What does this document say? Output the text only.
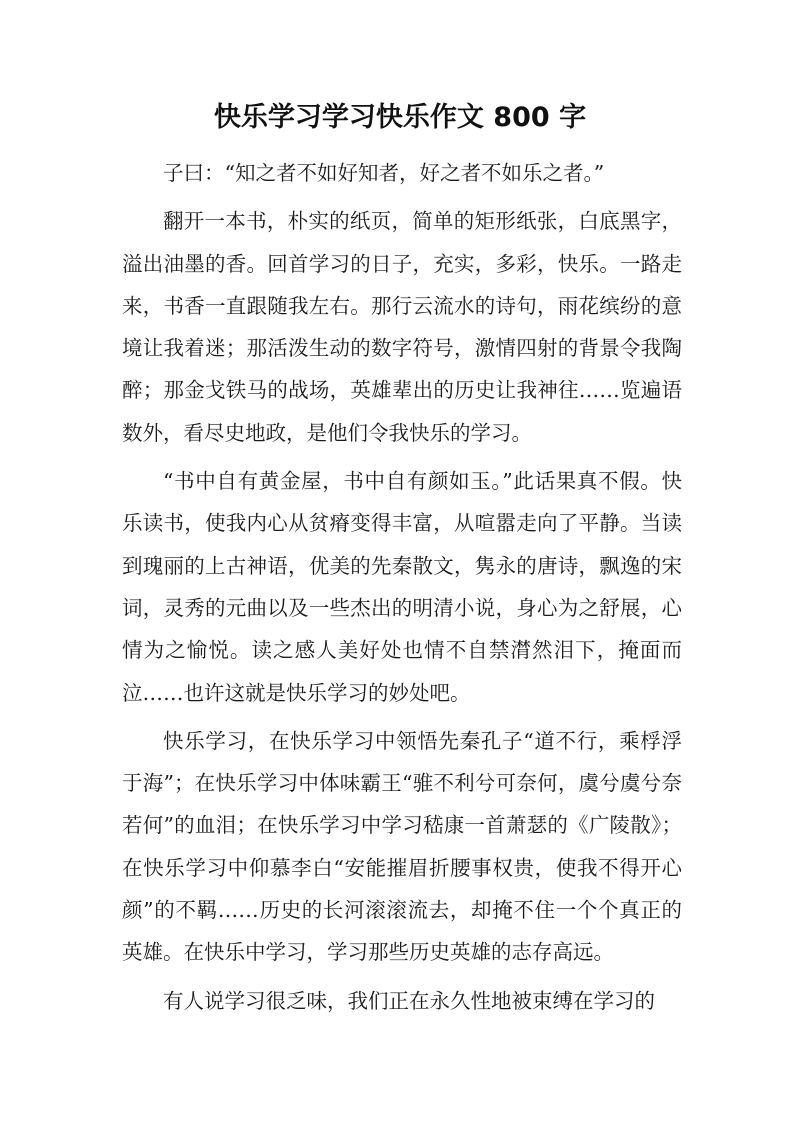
快乐学习学习快乐作文 800 字

子曰：“知之者不如好知者，好之者不如乐之者。”

翻开一本书，朴实的纸页，简单的矩形纸张，白底黑字，溢出油墨的香。回首学习的日子，充实，多彩，快乐。一路走来，书香一直跟随我左右。那行云流水的诗句，雨花缤纷的意境让我着迷；那活泼生动的数字符号，激情四射的背景令我陶醉；那金戈铁马的战场，英雄辈出的历史让我神往……览遍语数外，看尽史地政，是他们令我快乐的学习。

“书中自有黄金屋，书中自有颜如玉。”此话果真不假。快乐读书，使我内心从贫瘠变得丰富，从喧嚣走向了平静。当读到瑰丽的上古神语，优美的先秦散文，隽永的唐诗，飘逸的宋词，灵秀的元曲以及一些杰出的明清小说，身心为之舒展，心情为之愉悦。读之感人美好处也情不自禁潸然泪下，掩面而泣……也许这就是快乐学习的妙处吧。

快乐学习，在快乐学习中领悟先秦孔子“道不行，乘桴浮于海”；在快乐学习中体味霸王“骓不利兮可奈何，虞兮虞兮奈若何”的血泪；在快乐学习中学习嵇康一首萧瑟的《广陵散》；在快乐学习中仰慕李白“安能摧眉折腰事权贵，使我不得开心颜”的不羁……历史的长河滚滚流去，却掩不住一个个真正的英雄。在快乐中学习，学习那些历史英雄的志存高远。

有人说学习很乏味，我们正在永久性地被束缚在学习的
